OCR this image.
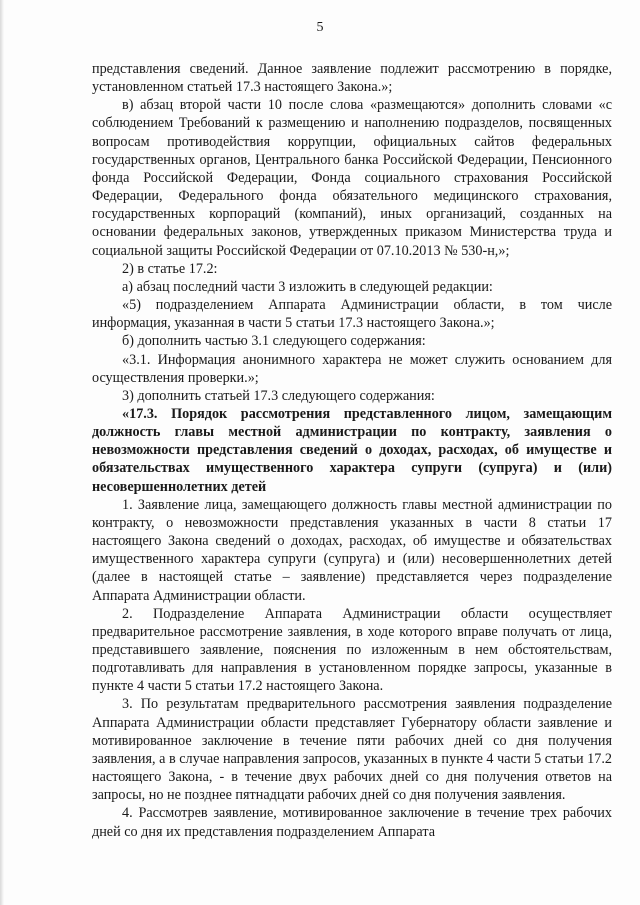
5

представления сведений. Данное заявление подлежит рассмотрению в порядке, установленном статьей 17.3 настоящего Закона.»;

в) абзац второй части 10 после слова «размещаются» дополнить словами «с соблюдением Требований к размещению и наполнению подразделов, посвященных вопросам противодействия коррупции, официальных сайтов федеральных государственных органов, Центрального банка Российской Федерации, Пенсионного фонда Российской Федерации, Фонда социального страхования Российской Федерации, Федерального фонда обязательного медицинского страхования, государственных корпораций (компаний), иных организаций, созданных на основании федеральных законов, утвержденных приказом Министерства труда и социальной защиты Российской Федерации от 07.10.2013 № 530-н,»;

2) в статье 17.2:

а) абзац последний части 3 изложить в следующей редакции:

«5) подразделением Аппарата Администрации области, в том числе информация, указанная в части 5 статьи 17.3 настоящего Закона.»;

б) дополнить частью 3.1 следующего содержания:

«3.1. Информация анонимного характера не может служить основанием для осуществления проверки.»;

3) дополнить статьей 17.3 следующего содержания:

«17.3. Порядок рассмотрения представленного лицом, замещающим должность главы местной администрации по контракту, заявления о невозможности представления сведений о доходах, расходах, об имуществе и обязательствах имущественного характера супруги (супруга) и (или) несовершеннолетних детей

1. Заявление лица, замещающего должность главы местной администрации по контракту, о невозможности представления указанных в части 8 статьи 17 настоящего Закона сведений о доходах, расходах, об имуществе и обязательствах имущественного характера супруги (супруга) и (или) несовершеннолетних детей (далее в настоящей статье – заявление) представляется через подразделение Аппарата Администрации области.

2. Подразделение Аппарата Администрации области осуществляет предварительное рассмотрение заявления, в ходе которого вправе получать от лица, представившего заявление, пояснения по изложенным в нем обстоятельствам, подготавливать для направления в установленном порядке запросы, указанные в пункте 4 части 5 статьи 17.2 настоящего Закона.

3. По результатам предварительного рассмотрения заявления подразделение Аппарата Администрации области представляет Губернатору области заявление и мотивированное заключение в течение пяти рабочих дней со дня получения заявления, а в случае направления запросов, указанных в пункте 4 части 5 статьи 17.2 настоящего Закона, - в течение двух рабочих дней со дня получения ответов на запросы, но не позднее пятнадцати рабочих дней со дня получения заявления.

4. Рассмотрев заявление, мотивированное заключение в течение трех рабочих дней со дня их представления подразделением Аппарата
